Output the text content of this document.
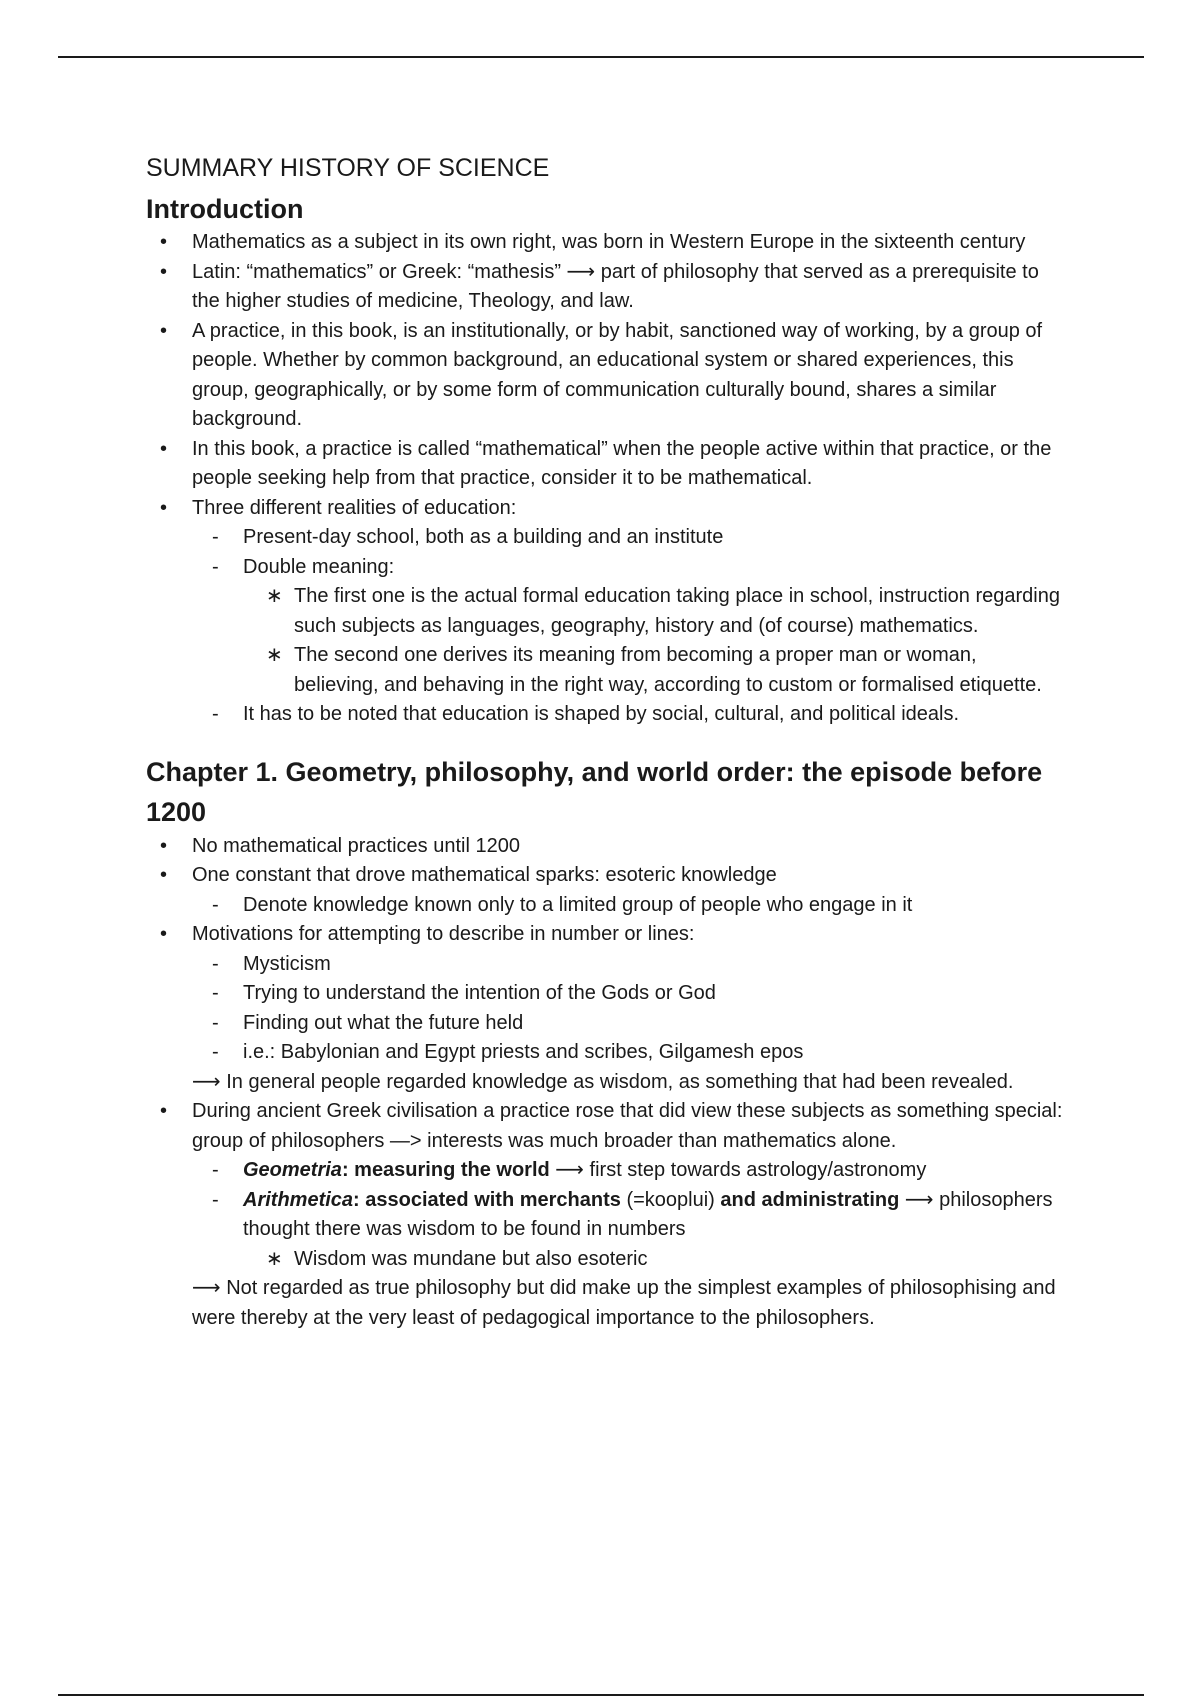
SUMMARY HISTORY OF SCIENCE
Introduction
• Mathematics as a subject in its own right, was born in Western Europe in the sixteenth century
• Latin: “mathematics” or Greek: “mathesis” ⟶ part of philosophy that served as a prerequisite to the higher studies of medicine, Theology, and law.
• A practice, in this book, is an institutionally, or by habit, sanctioned way of working, by a group of people. Whether by common background, an educational system or shared experiences, this group, geographically, or by some form of communication culturally bound, shares a similar background.
• In this book, a practice is called “mathematical” when the people active within that practice, or the people seeking help from that practice, consider it to be mathematical.
• Three different realities of education:
- Present-day school, both as a building and an institute
- Double meaning:
∗ The first one is the actual formal education taking place in school, instruction regarding such subjects as languages, geography, history and (of course) mathematics.
∗ The second one derives its meaning from becoming a proper man or woman, believing, and behaving in the right way, according to custom or formalised etiquette.
- It has to be noted that education is shaped by social, cultural, and political ideals.
Chapter 1. Geometry, philosophy, and world order: the episode before 1200
• No mathematical practices until 1200
• One constant that drove mathematical sparks: esoteric knowledge
- Denote knowledge known only to a limited group of people who engage in it
• Motivations for attempting to describe in number or lines:
- Mysticism
- Trying to understand the intention of the Gods or God
- Finding out what the future held
- i.e.: Babylonian and Egypt priests and scribes, Gilgamesh epos
⟶ In general people regarded knowledge as wisdom, as something that had been revealed.
• During ancient Greek civilisation a practice rose that did view these subjects as something special: group of philosophers —> interests was much broader than mathematics alone.
- Geometria: measuring the world ⟶ first step towards astrology/astronomy
- Arithmetica: associated with merchants (=kooplui) and administrating ⟶ philosophers thought there was wisdom to be found in numbers
∗ Wisdom was mundane but also esoteric
⟶ Not regarded as true philosophy but did make up the simplest examples of philosophising and were thereby at the very least of pedagogical importance to the philosophers.
